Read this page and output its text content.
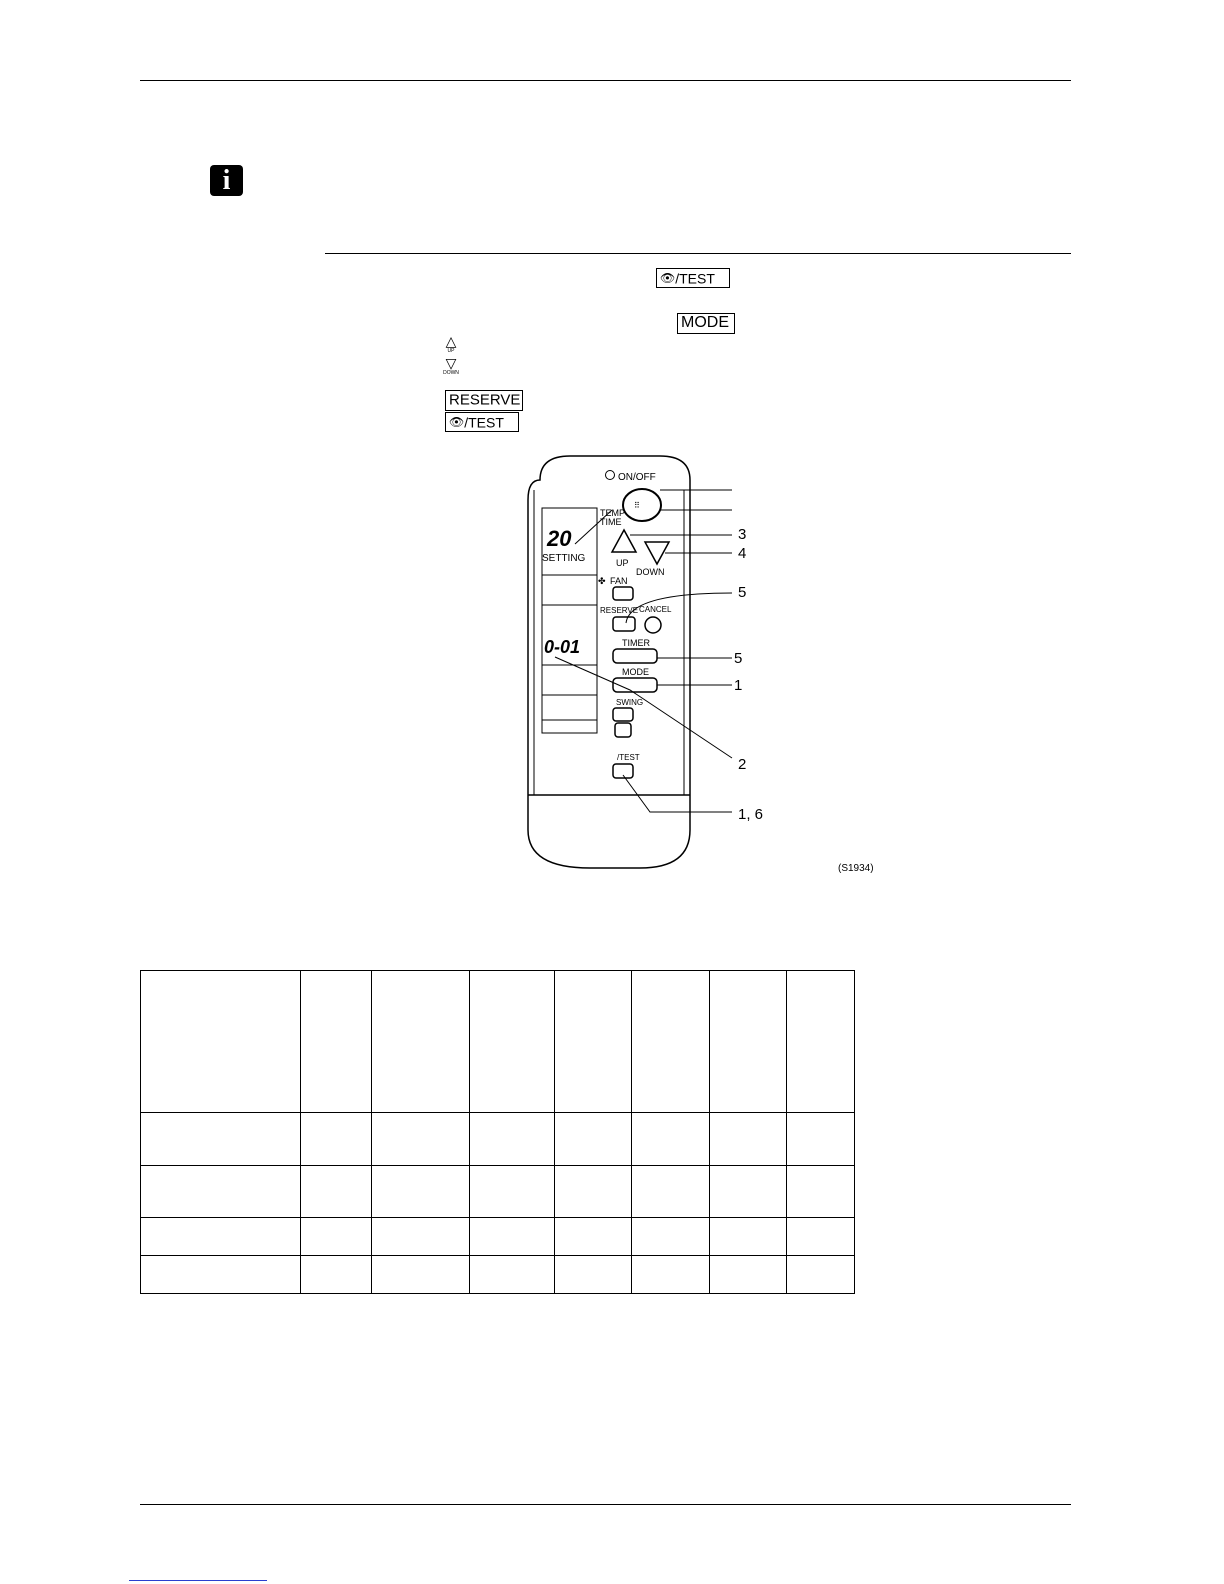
i
👁/TEST
MODE
△
UP
▽
DOWN
RESERVE
👁/TEST
ON/OFF
⠿
TEMP
TIME
20
SETTING	UP
DOWN
✤ FAN
RESERVE CANCEL
TIMER
0-01
MODE
SWING
/TEST
3
4
5
5
1
2
1, 6
(S1934)
